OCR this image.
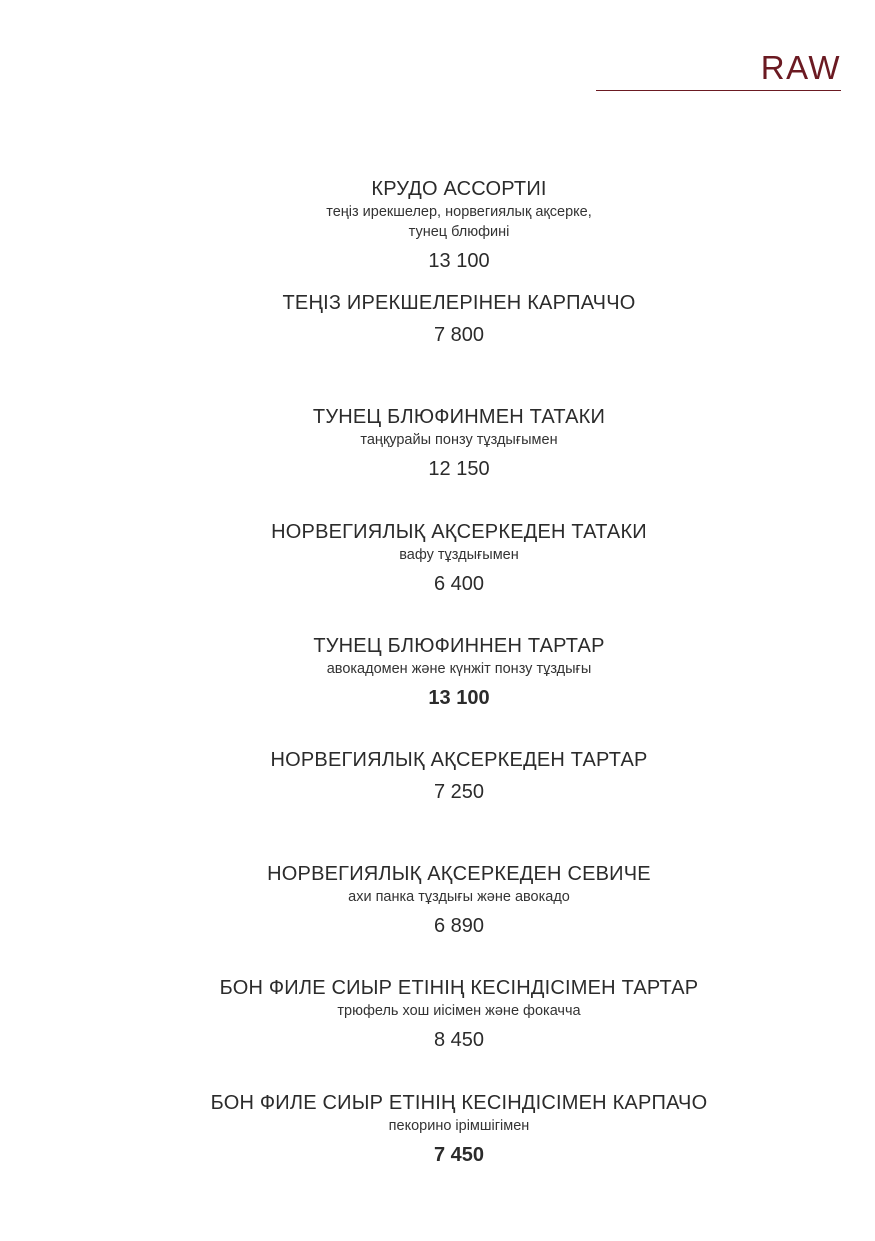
RAW
КРУДО АССОРТИІ
теңіз ирекшелер, норвегиялық ақсерке,
тунец блюфині
13 100
ТЕҢІЗ ИРЕКШЕЛЕРІНЕН КАРПАЧЧО
7 800
ТУНЕЦ БЛЮФИНМЕН ТАТАКИ
таңқурайы понзу тұздығымен
12 150
НОРВЕГИЯЛЫҚ АҚСЕРКЕДЕН ТАТАКИ
вафу тұздығымен
6 400
ТУНЕЦ БЛЮФИННЕН ТАРТАР
авокадомен және күнжіт понзу тұздығы
13 100
НОРВЕГИЯЛЫҚ АҚСЕРКЕДЕН ТАРТАР
7 250
НОРВЕГИЯЛЫҚ АҚСЕРКЕДЕН СЕВИЧЕ
ахи панка тұздығы және авокадо
6 890
БОН ФИЛЕ СИЫР ЕТІНІҢ КЕСІНДІСІМЕН ТАРТАР
трюфель хош иісімен және фокачча
8 450
БОН ФИЛЕ СИЫР ЕТІНІҢ КЕСІНДІСІМЕН КАРПАЧО
пекорино ірімшігімен
7 450
